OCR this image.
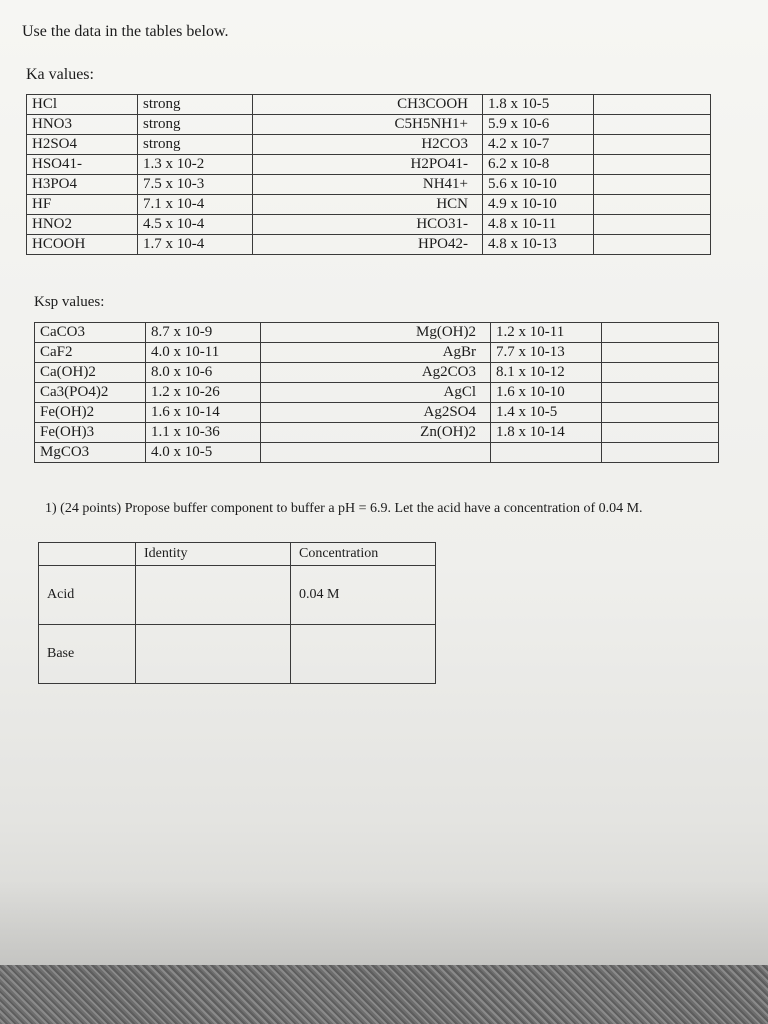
Use the data in the tables below.
Ka values:
HCl	strong	CH3COOH	1.8 x 10-5	
HNO3	strong	C5H5NH1+	5.9 x 10-6	
H2SO4	strong	H2CO3	4.2 x 10-7	
HSO41-	1.3 x 10-2	H2PO41-	6.2 x 10-8	
H3PO4	7.5 x 10-3	NH41+	5.6 x 10-10	
HF	7.1 x 10-4	HCN	4.9 x 10-10	
HNO2	4.5 x 10-4	HCO31-	4.8 x 10-11	
HCOOH	1.7 x 10-4	HPO42-	4.8 x 10-13	
Ksp values:
CaCO3	8.7 x 10-9	Mg(OH)2	1.2 x 10-11	
CaF2	4.0 x 10-11	AgBr	7.7 x 10-13	
Ca(OH)2	8.0 x 10-6	Ag2CO3	8.1 x 10-12	
Ca3(PO4)2	1.2 x 10-26	AgCl	1.6 x 10-10	
Fe(OH)2	1.6 x 10-14	Ag2SO4	1.4 x 10-5	
Fe(OH)3	1.1 x 10-36	Zn(OH)2	1.8 x 10-14	
MgCO3	4.0 x 10-5			
1) (24 points) Propose buffer component to buffer a pH = 6.9. Let the acid have a concentration of 0.04 M.
	Identity	Concentration
Acid		0.04 M
Base		
